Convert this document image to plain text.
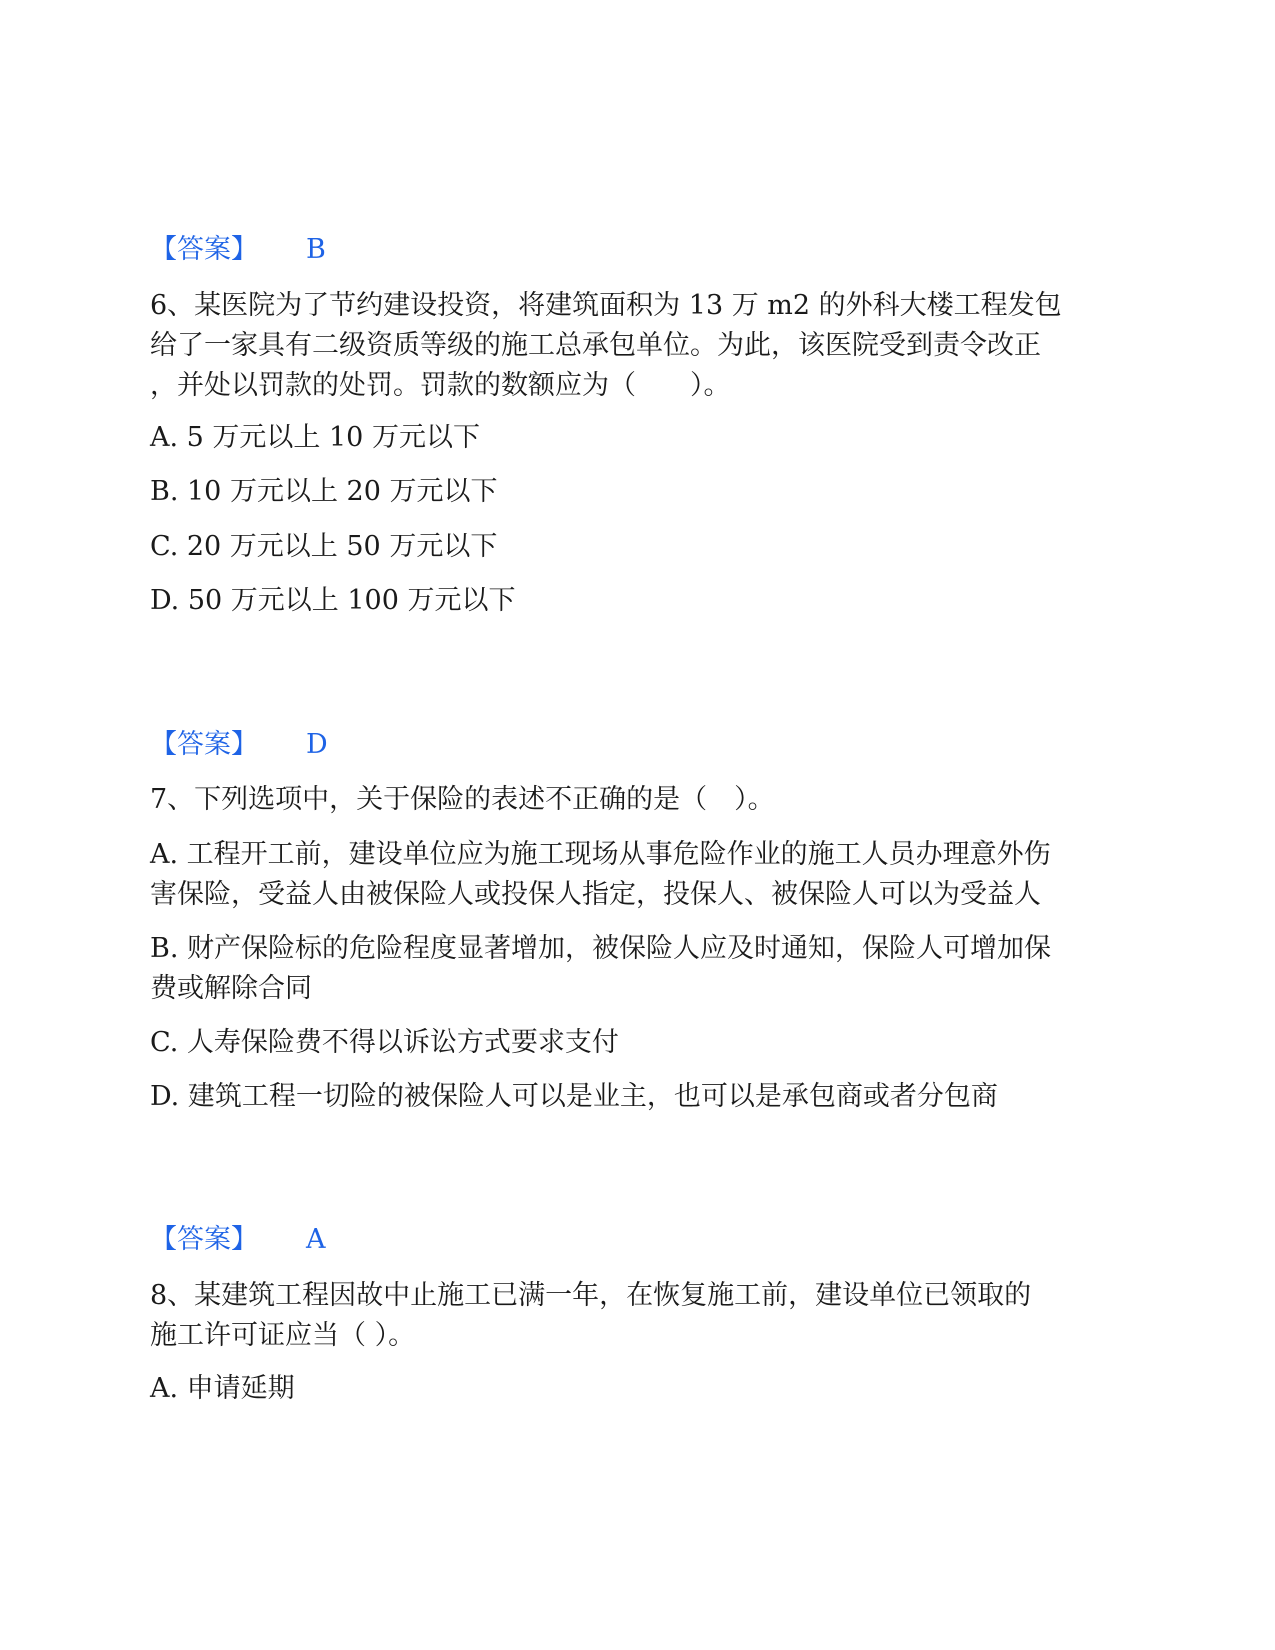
【答案】 B

6、某医院为了节约建设投资，将建筑面积为 13 万 m2 的外科大楼工程发包

给了一家具有二级资质等级的施工总承包单位。为此，该医院受到责令改正

，并处以罚款的处罚。罚款的数额应为（　　）。

A. 5 万元以上 10 万元以下
B. 10 万元以上 20 万元以下
C. 20 万元以上 50 万元以下
D. 50 万元以上 100 万元以下
【答案】 D
7、下列选项中，关于保险的表述不正确的是（　）。

A. 工程开工前，建设单位应为施工现场从事危险作业的施工人员办理意外伤

害保险，受益人由被保险人或投保人指定，投保人、被保险人可以为受益人

B. 财产保险标的危险程度显著增加，被保险人应及时通知，保险人可增加保

费或解除合同

C. 人寿保险费不得以诉讼方式要求支付
D. 建筑工程一切险的被保险人可以是业主，也可以是承包商或者分包商
【答案】 A

8、某建筑工程因故中止施工已满一年，在恢复施工前，建设单位已领取的

施工许可证应当（ ）。

A. 申请延期
